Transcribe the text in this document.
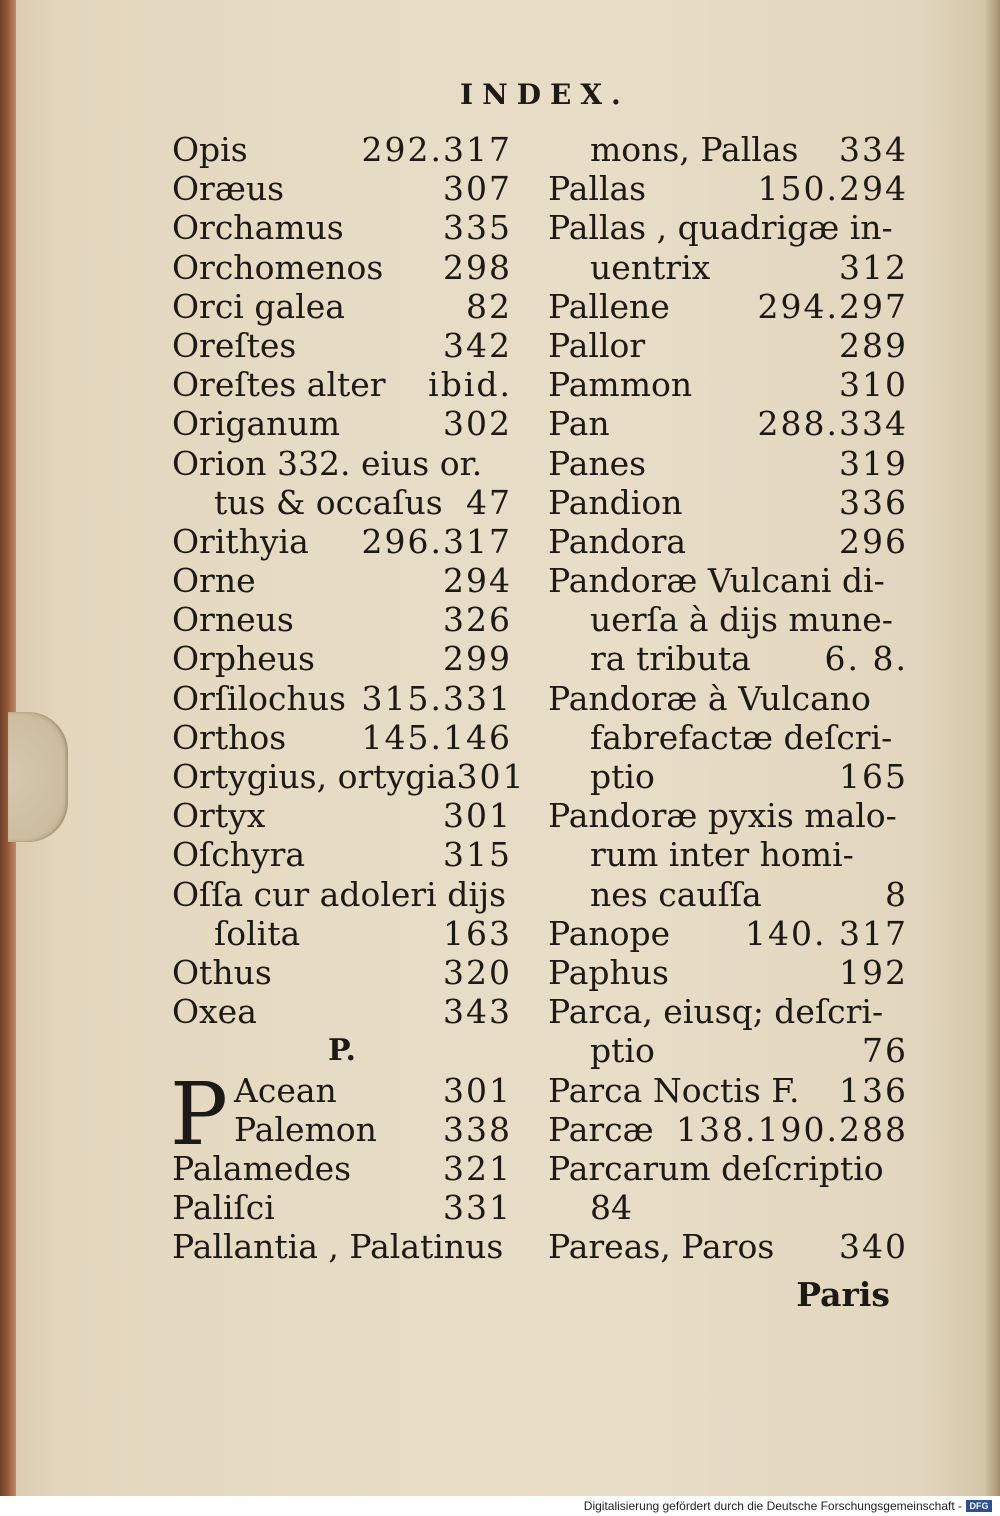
INDEX.
Opis	292.317
Oræus	307
Orchamus	335
Orchomenos 298
Orci galea	82
Oreſtes	342
Oreſtes alter ibid.
Origanum	302
Orion 332. eius or.
tus & occaſus 47
Orithyia 296.317
Orne	294
Orneus	326
Orpheus	299
Orſilochus 315.331
Orthos 145.146
Ortygius, ortygia 301
Ortyx	301
Oſchyra	315
Oſſa cur adoleri dijs
ſolita	163
Othus	320
Oxea	343
P.
Acean	301
P Palemon 338
Palamedes	321
Paliſci	331
Pallantia , Palatinus
mons, Pallas 334
Pallas	150.294
Pallas , quadrigæ in-
uentrix	312
Pallene	294.297
Pallor	289
Pammon	310
Pan	288.334
Panes	319
Pandion	336
Pandora	296
Pandoræ Vulcani di-
uerſa à dijs mune-
ra tributa 6. 8.
Pandoræ à Vulcano
fabrefactæ deſcri-
ptio	165
Pandoræ pyxis malo-
rum inter homi-
nes cauſſa	8
Panope 140. 317
Paphus	192
Parca, eiusq; deſcri-
ptio	76
Parca Noctis F. 136
Parcæ 138.190.288
Parcarum deſcriptio
84
Pareas, Paros 340
Paris
Digitalisierung gefördert durch die Deutsche Forschungsgemeinschaft - DFG
